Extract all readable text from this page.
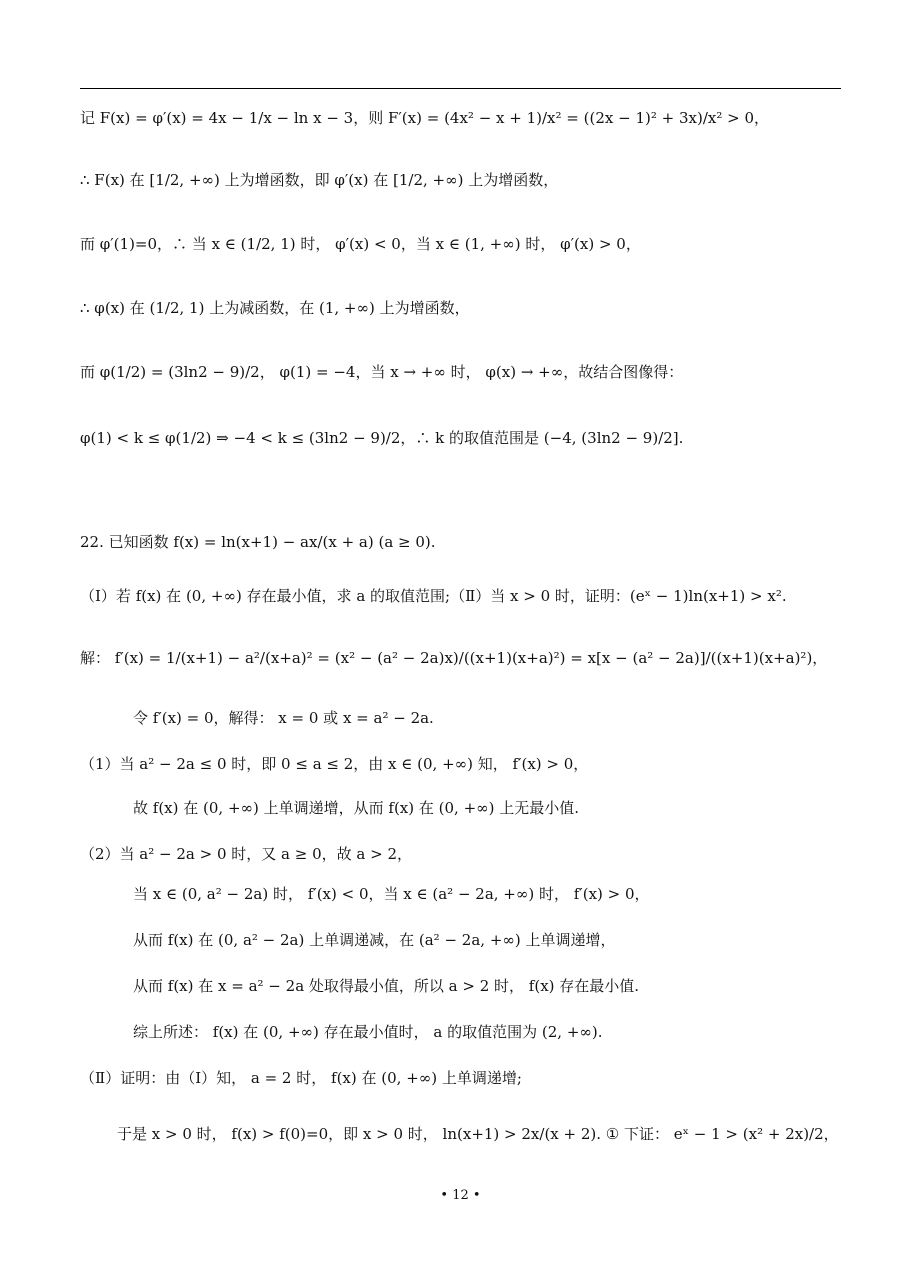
记 F(x) = φ′(x) = 4x − 1/x − ln x − 3，则 F′(x) = (4x² − x + 1)/x² = ((2x − 1)² + 3x)/x² > 0，
∴ F(x) 在 [1/2, +∞) 上为增函数，即 φ′(x) 在 [1/2, +∞) 上为增函数，
而 φ′(1)=0，∴ 当 x ∈ (1/2, 1) 时， φ′(x) < 0，当 x ∈ (1, +∞) 时， φ′(x) > 0，
∴ φ(x) 在 (1/2, 1) 上为减函数，在 (1, +∞) 上为增函数，
而 φ(1/2) = (3ln2 − 9)/2， φ(1) = −4，当 x → +∞ 时， φ(x) → +∞，故结合图像得：
φ(1) < k ≤ φ(1/2) ⇒ −4 < k ≤ (3ln2 − 9)/2，∴ k 的取值范围是 (−4, (3ln2 − 9)/2].
22. 已知函数 f(x) = ln(x+1) − ax/(x + a) (a ≥ 0).
（Ⅰ）若 f(x) 在 (0, +∞) 存在最小值，求 a 的取值范围;（Ⅱ）当 x > 0 时，证明：(eˣ − 1)ln(x+1) > x².
解： f′(x) = 1/(x+1) − a²/(x+a)² = (x² − (a² − 2a)x)/((x+1)(x+a)²) = x[x − (a² − 2a)]/((x+1)(x+a)²)，
令 f′(x) = 0，解得： x = 0 或 x = a² − 2a.
（1）当 a² − 2a ≤ 0 时，即 0 ≤ a ≤ 2，由 x ∈ (0, +∞) 知， f′(x) > 0，
故 f(x) 在 (0, +∞) 上单调递增，从而 f(x) 在 (0, +∞) 上无最小值.
（2）当 a² − 2a > 0 时，又 a ≥ 0，故 a > 2，
当 x ∈ (0, a² − 2a) 时， f′(x) < 0，当 x ∈ (a² − 2a, +∞) 时， f′(x) > 0，
从而 f(x) 在 (0, a² − 2a) 上单调递减，在 (a² − 2a, +∞) 上单调递增，
从而 f(x) 在 x = a² − 2a 处取得最小值，所以 a > 2 时， f(x) 存在最小值.
综上所述： f(x) 在 (0, +∞) 存在最小值时， a 的取值范围为 (2, +∞).
（Ⅱ）证明：由（Ⅰ）知， a = 2 时， f(x) 在 (0, +∞) 上单调递增;
于是 x > 0 时， f(x) > f(0)=0，即 x > 0 时， ln(x+1) > 2x/(x + 2). ① 下证： eˣ − 1 > (x² + 2x)/2，
• 12 •
